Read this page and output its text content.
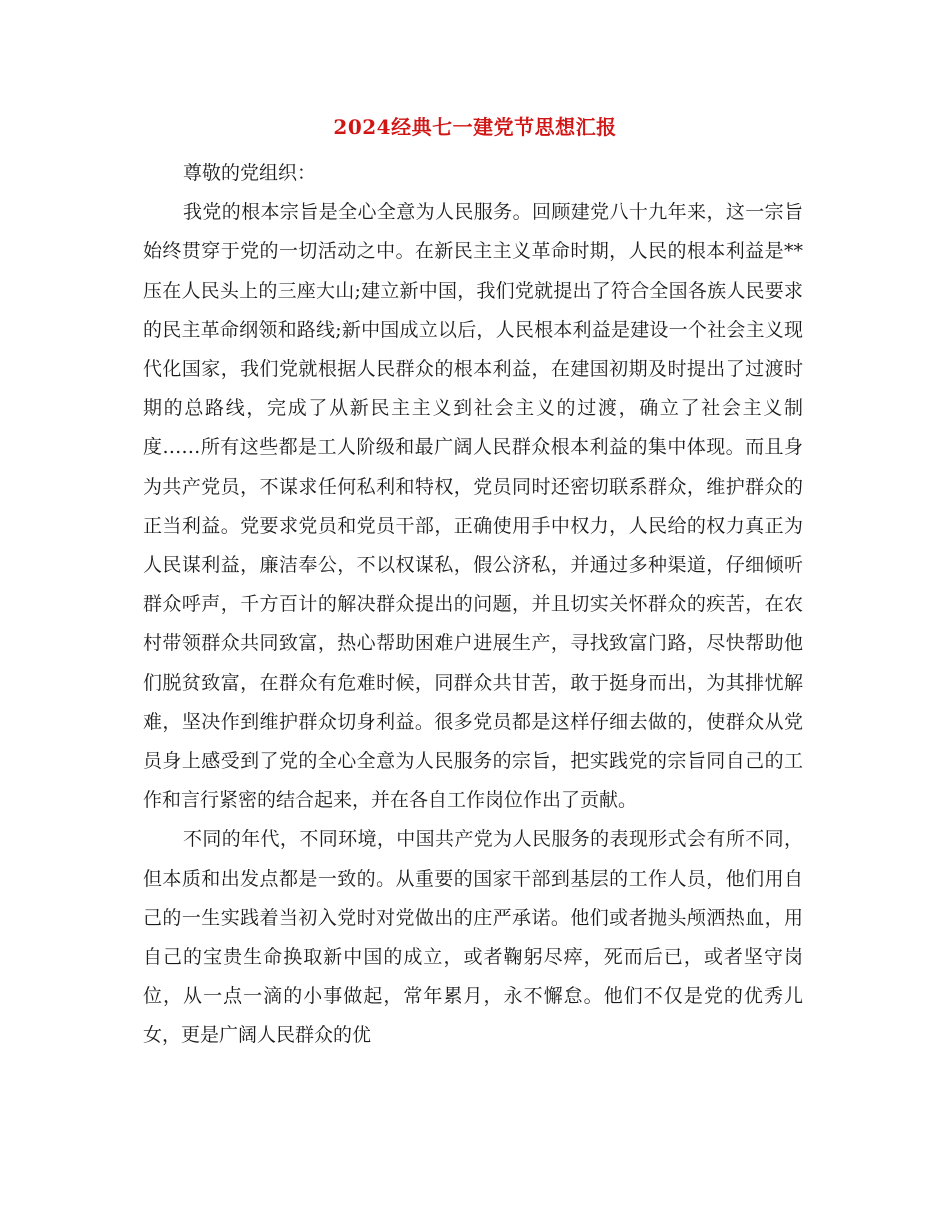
2024经典七一建党节思想汇报

尊敬的党组织：

我党的根本宗旨是全心全意为人民服务。回顾建党八十九年来，这一宗旨始终贯穿于党的一切活动之中。在新民主主义革命时期，人民的根本利益是**压在人民头上的三座大山;建立新中国，我们党就提出了符合全国各族人民要求的民主革命纲领和路线;新中国成立以后，人民根本利益是建设一个社会主义现代化国家，我们党就根据人民群众的根本利益，在建国初期及时提出了过渡时期的总路线，完成了从新民主主义到社会主义的过渡，确立了社会主义制度……所有这些都是工人阶级和最广阔人民群众根本利益的集中体现。而且身为共产党员，不谋求任何私利和特权，党员同时还密切联系群众，维护群众的正当利益。党要求党员和党员干部，正确使用手中权力，人民给的权力真正为人民谋利益，廉洁奉公，不以权谋私，假公济私，并通过多种渠道，仔细倾听群众呼声，千方百计的解决群众提出的问题，并且切实关怀群众的疾苦，在农村带领群众共同致富，热心帮助困难户进展生产，寻找致富门路，尽快帮助他们脱贫致富，在群众有危难时候，同群众共甘苦，敢于挺身而出，为其排忧解难，坚决作到维护群众切身利益。很多党员都是这样仔细去做的，使群众从党员身上感受到了党的全心全意为人民服务的宗旨，把实践党的宗旨同自己的工作和言行紧密的结合起来，并在各自工作岗位作出了贡献。

不同的年代，不同环境，中国共产党为人民服务的表现形式会有所不同，但本质和出发点都是一致的。从重要的国家干部到基层的工作人员，他们用自己的一生实践着当初入党时对党做出的庄严承诺。他们或者抛头颅洒热血，用自己的宝贵生命换取新中国的成立，或者鞠躬尽瘁，死而后已，或者坚守岗位，从一点一滴的小事做起，常年累月，永不懈怠。他们不仅是党的优秀儿女，更是广阔人民群众的优
